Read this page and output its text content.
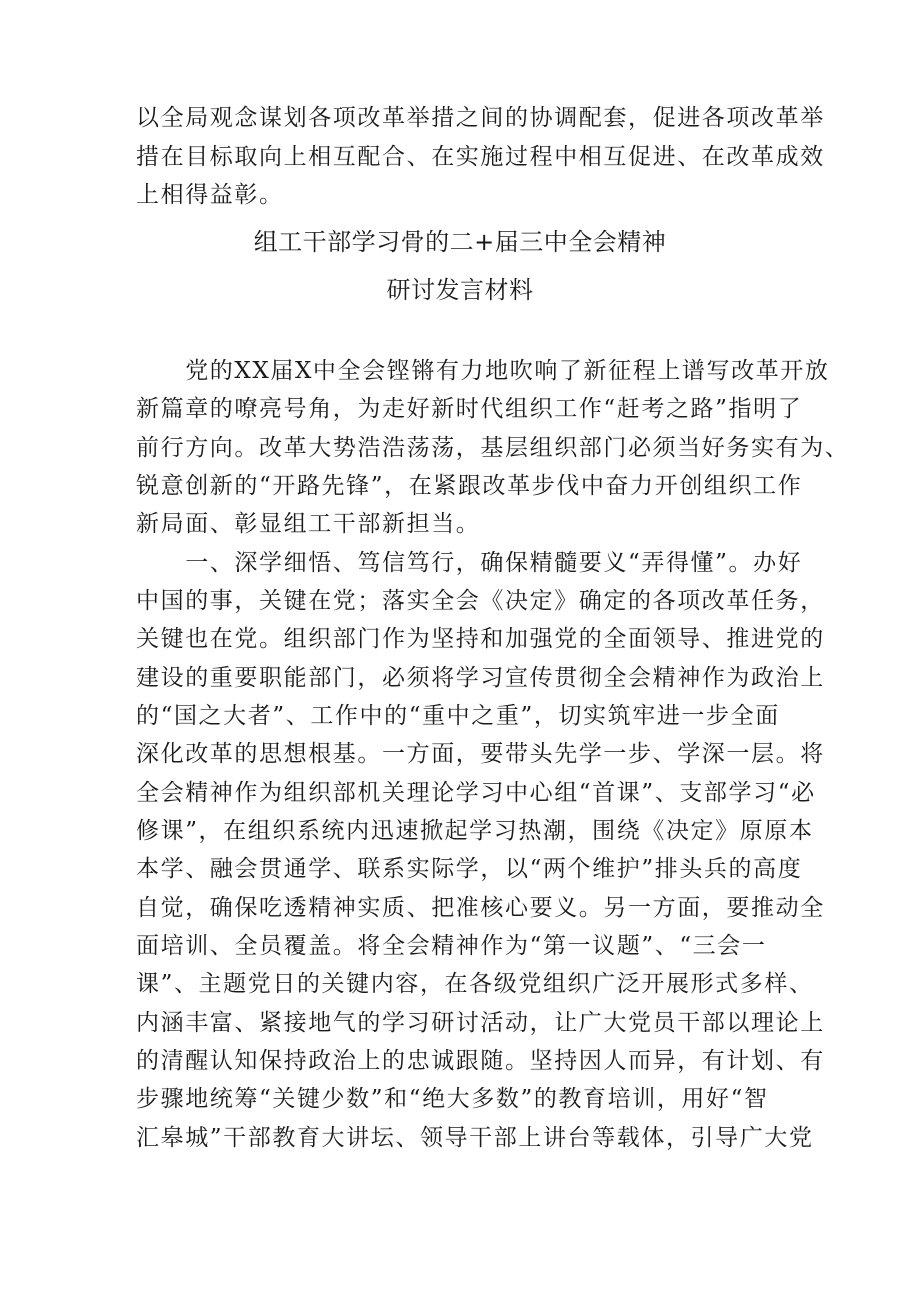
以全局观念谋划各项改革举措之间的协调配套，促进各项改革举
措在目标取向上相互配合、在实施过程中相互促进、在改革成效
上相得益彰。
组工干部学习骨的二+届三中全会精神
研讨发言材料
　　党的XX届X中全会铿锵有力地吹响了新征程上谱写改革开放
新篇章的嘹亮号角，为走好新时代组织工作“赶考之路”指明了
前行方向。改革大势浩浩荡荡，基层组织部门必须当好务实有为、
锐意创新的“开路先锋”，在紧跟改革步伐中奋力开创组织工作
新局面、彰显组工干部新担当。
　　一、深学细悟、笃信笃行，确保精髓要义“弄得懂”。办好
中国的事，关键在党；落实全会《决定》确定的各项改革任务，
关键也在党。组织部门作为坚持和加强党的全面领导、推进党的
建设的重要职能部门，必须将学习宣传贯彻全会精神作为政治上
的“国之大者”、工作中的“重中之重”，切实筑牢进一步全面
深化改革的思想根基。一方面，要带头先学一步、学深一层。将
全会精神作为组织部机关理论学习中心组“首课”、支部学习“必
修课”，在组织系统内迅速掀起学习热潮，围绕《决定》原原本
本学、融会贯通学、联系实际学，以“两个维护”排头兵的高度
自觉，确保吃透精神实质、把准核心要义。另一方面，要推动全
面培训、全员覆盖。将全会精神作为“第一议题”、“三会一
课”、主题党日的关键内容，在各级党组织广泛开展形式多样、
内涵丰富、紧接地气的学习研讨活动，让广大党员干部以理论上
的清醒认知保持政治上的忠诚跟随。坚持因人而异，有计划、有
步骤地统筹“关键少数”和“绝大多数”的教育培训，用好“智
汇皋城”干部教育大讲坛、领导干部上讲台等载体，引导广大党
